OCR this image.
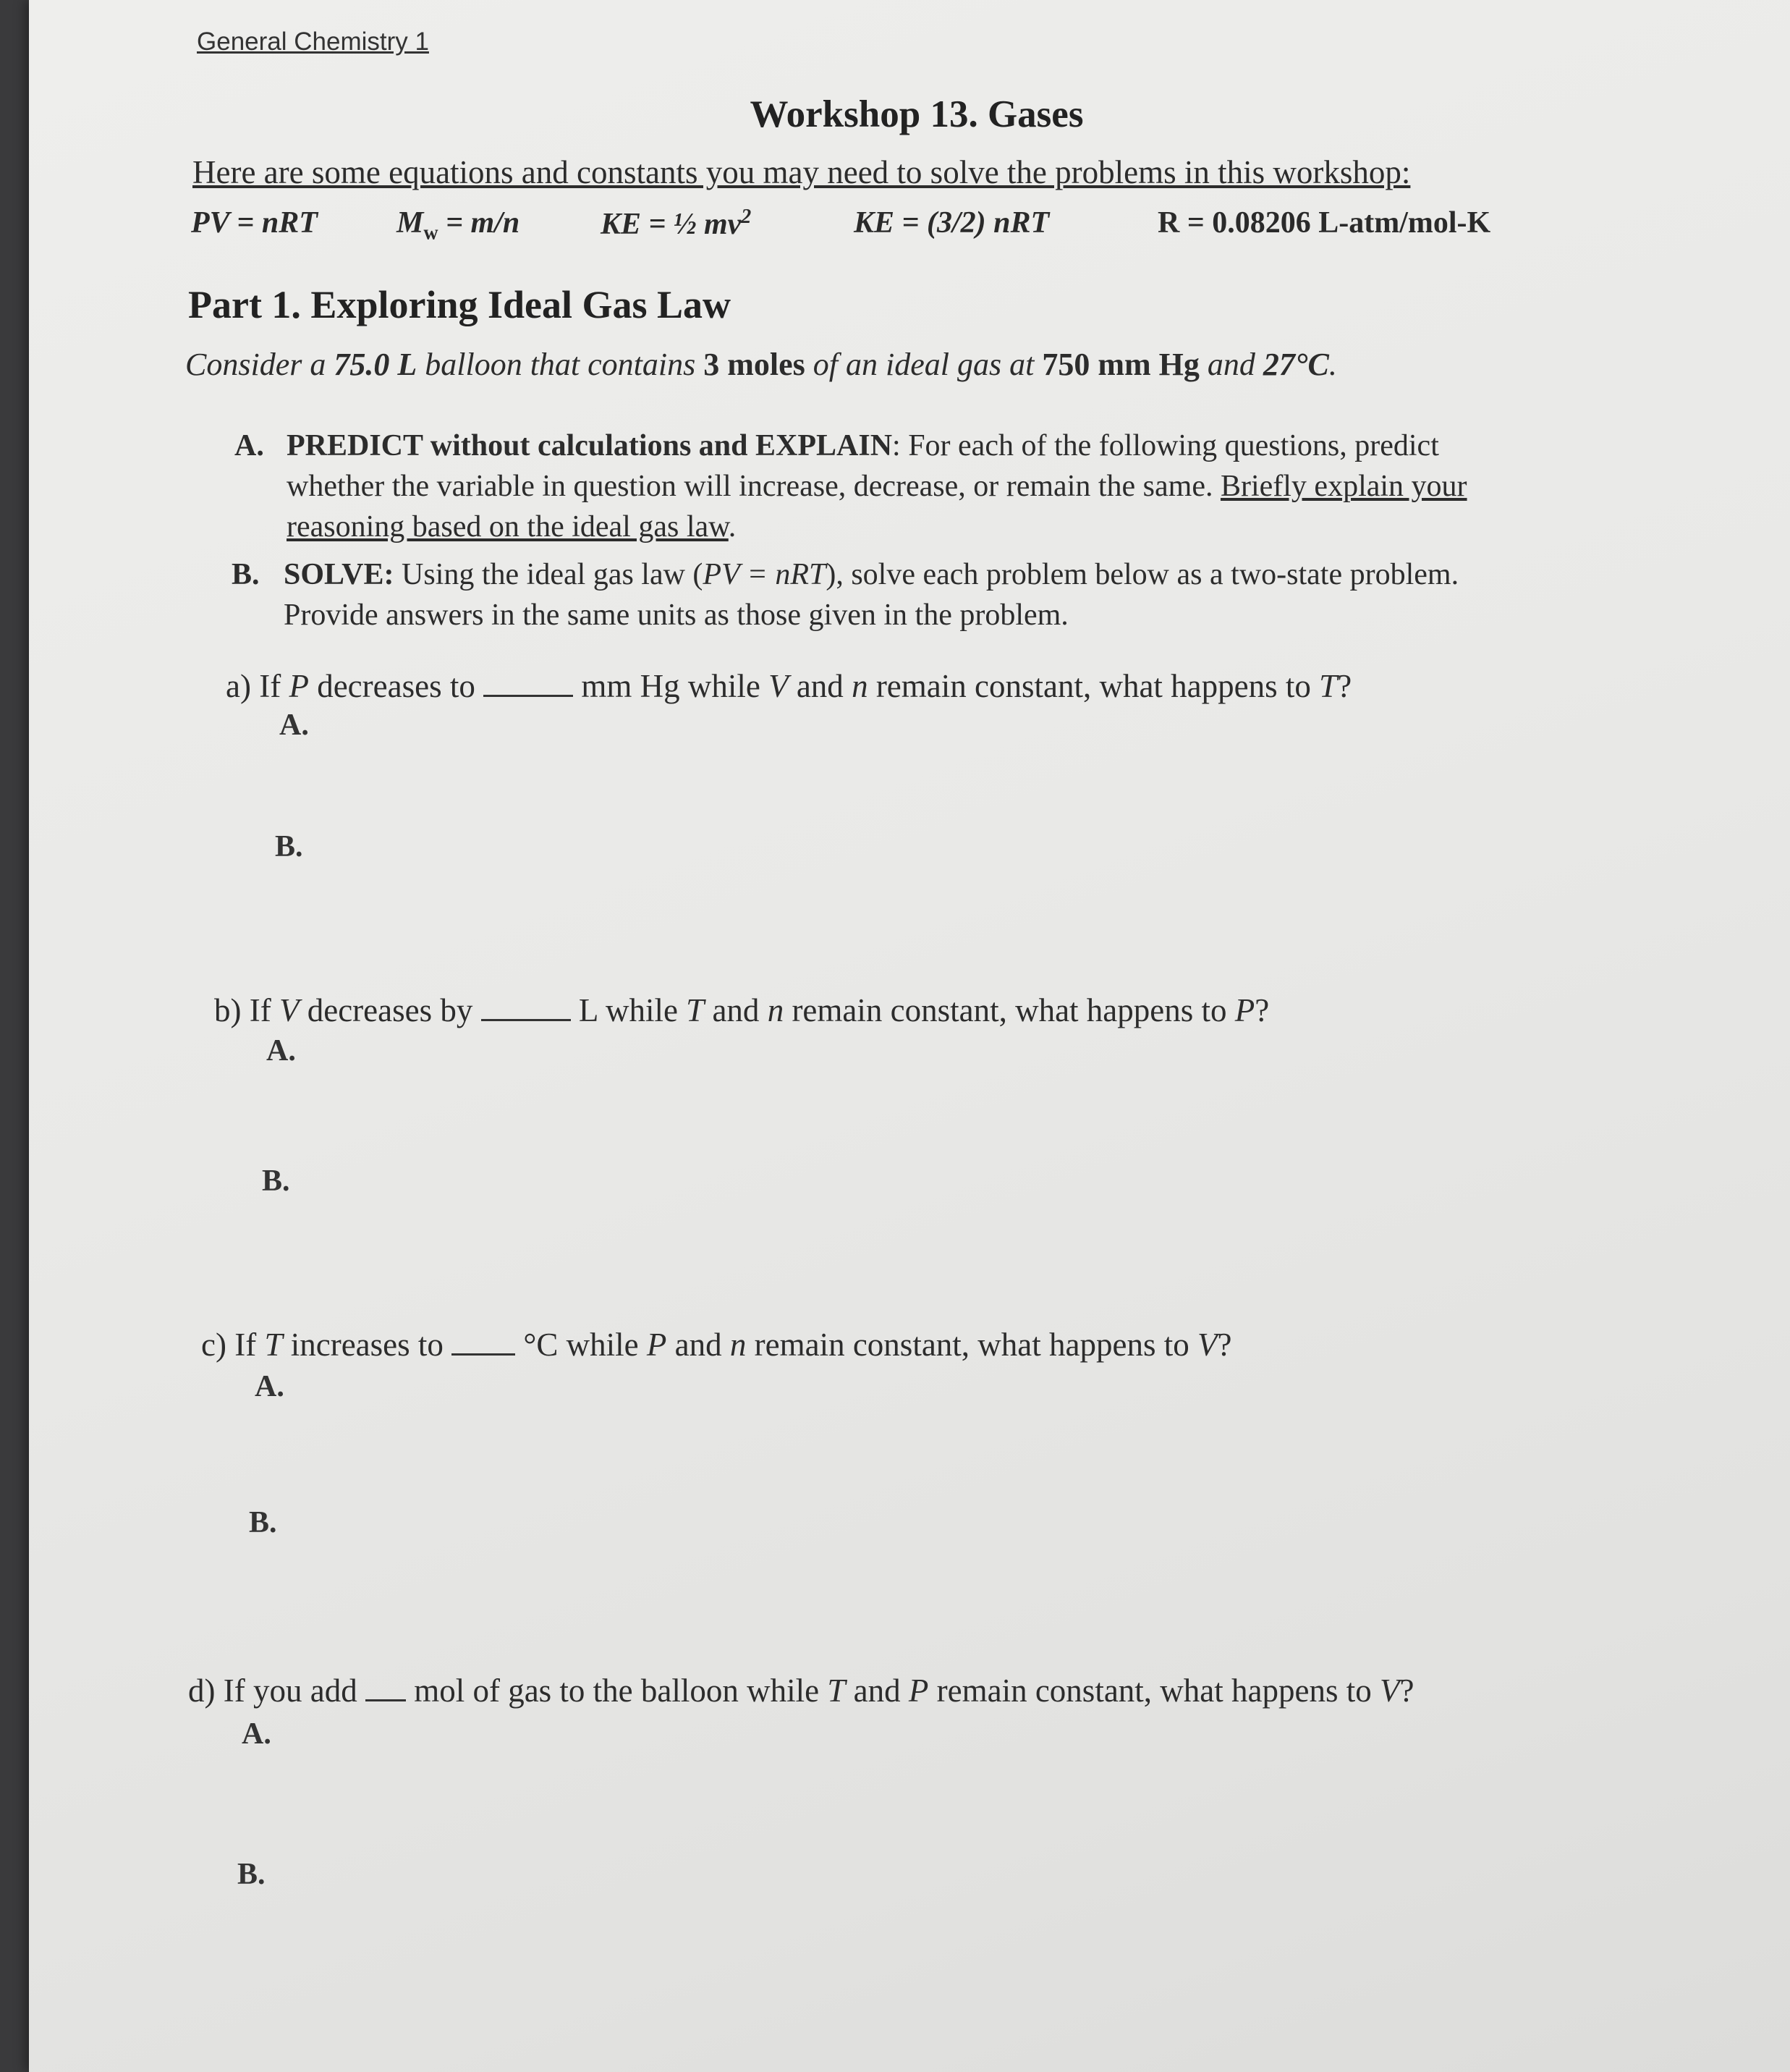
General Chemistry 1
Workshop 13. Gases
Here are some equations and constants you may need to solve the problems in this workshop:
PV = nRT	$M_w = m/n$	KE = ½ $mv^2$	KE = (3/2) nRT	R = 0.08206 L-atm/mol-K
Part 1. Exploring Ideal Gas Law
Consider a 75.0 L balloon that contains 3 moles of an ideal gas at 750 mm Hg and 27°C.
A. PREDICT without calculations and EXPLAIN: For each of the following questions, predict
whether the variable in question will increase, decrease, or remain the same. Briefly explain your
reasoning based on the ideal gas law.
B. SOLVE: Using the ideal gas law (PV = nRT), solve each problem below as a two-state problem.
Provide answers in the same units as those given in the problem.
a) If P decreases to	mm Hg while V and n remain constant, what happens to T?
A.
B.
b) If V decreases by	L while T and n remain constant, what happens to P?
A.
B.
c) If T increases to  °C while P and n remain constant, what happens to V?
A.
B.
d) If you add  mol of gas to the balloon while T and P remain constant, what happens to V?
A.
B.
